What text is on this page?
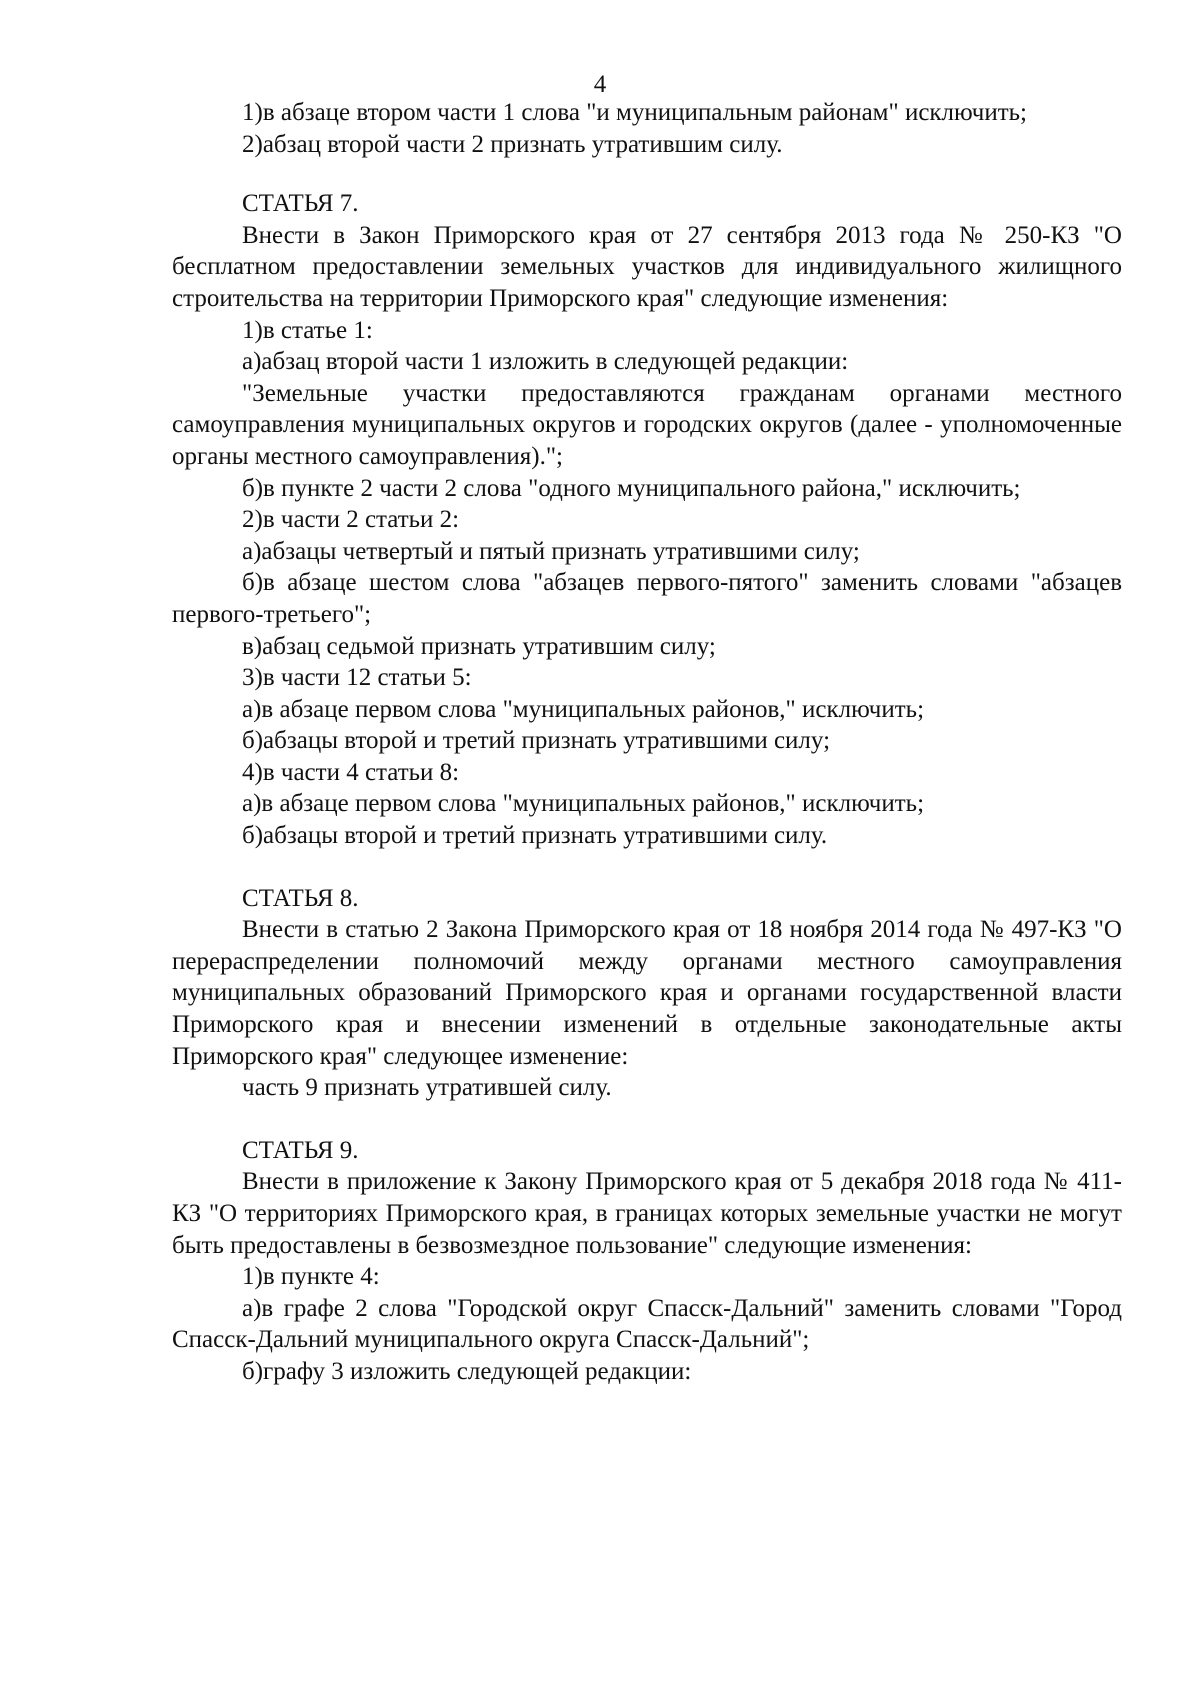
4

1)в абзаце втором части 1 слова "и муниципальным районам" исключить;

2)абзац второй части 2 признать утратившим силу.

СТАТЬЯ 7.

Внести в Закон Приморского края от 27 сентября 2013 года № 250-КЗ "О бесплатном предоставлении земельных участков для индивидуального жилищного строительства на территории Приморского края" следующие изменения:

1)в статье 1:

а)абзац второй части 1 изложить в следующей редакции:

"Земельные участки предоставляются гражданам органами местного самоуправления муниципальных округов и городских округов (далее - уполномоченные органы местного самоуправления).";

б)в пункте 2 части 2 слова "одного муниципального района," исключить;

2)в части 2 статьи 2:

а)абзацы четвертый и пятый признать утратившими силу;

б)в абзаце шестом слова "абзацев первого-пятого" заменить словами "абзацев первого-третьего";

в)абзац седьмой признать утратившим силу;

3)в части 12 статьи 5:

а)в абзаце первом слова "муниципальных районов," исключить;

б)абзацы второй и третий признать утратившими силу;

4)в части 4 статьи 8:

а)в абзаце первом слова "муниципальных районов," исключить;

б)абзацы второй и третий признать утратившими силу.

СТАТЬЯ 8.

Внести в статью 2 Закона Приморского края от 18 ноября 2014 года № 497-КЗ "О перераспределении полномочий между органами местного самоуправления муниципальных образований Приморского края и органами государственной власти Приморского края и внесении изменений в отдельные законодательные акты Приморского края" следующее изменение:

часть 9 признать утратившей силу.

СТАТЬЯ 9.

Внести в приложение к Закону Приморского края от 5 декабря 2018 года № 411-КЗ "О территориях Приморского края, в границах которых земельные участки не могут быть предоставлены в безвозмездное пользование" следующие изменения:

1)в пункте 4:

а)в графе 2 слова "Городской округ Спасск-Дальний" заменить словами "Город Спасск-Дальний муниципального округа Спасск-Дальний";

б)графу 3 изложить следующей редакции:
